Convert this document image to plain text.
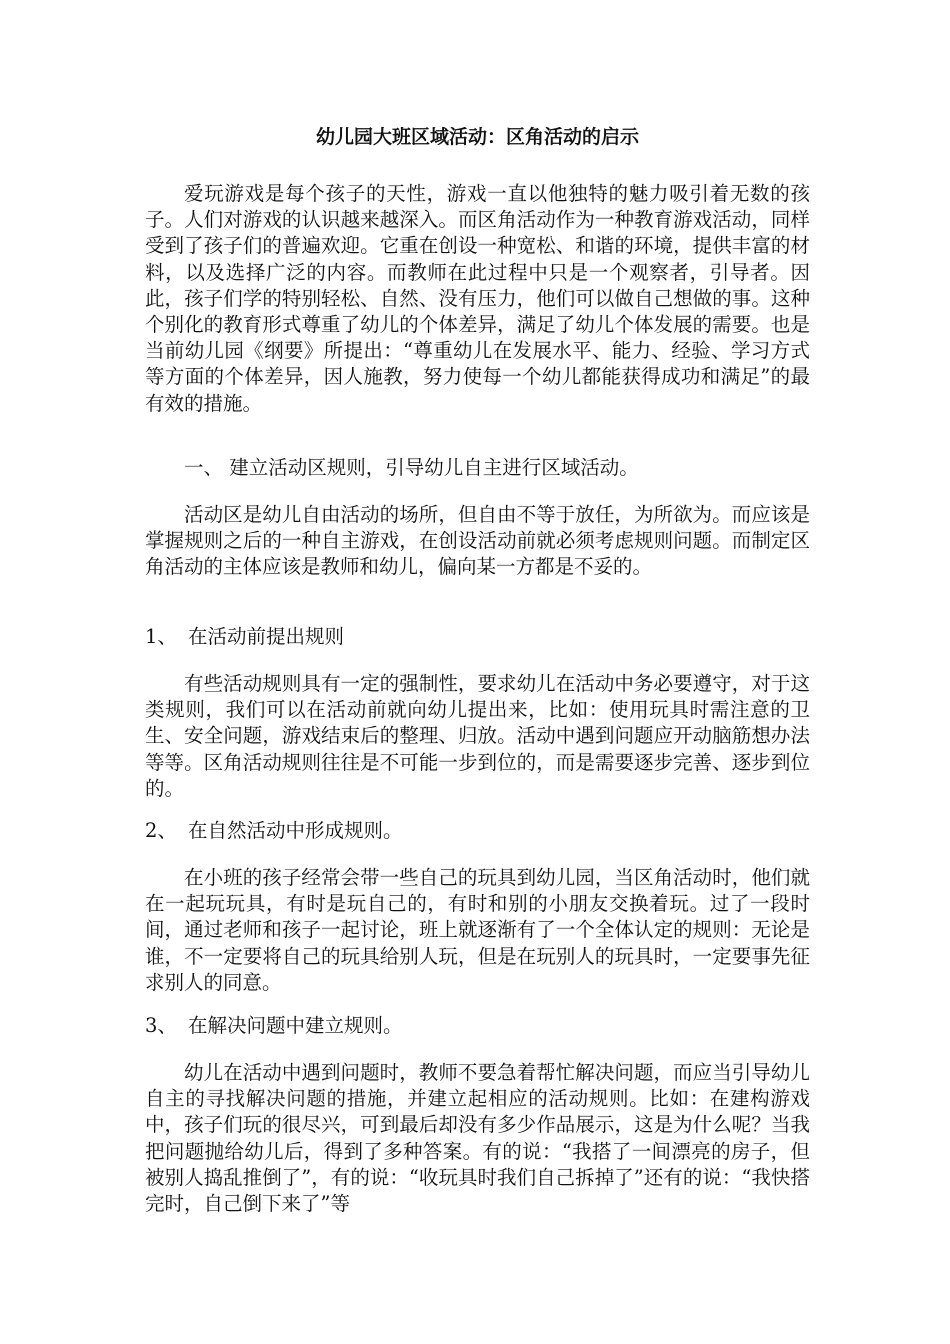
幼儿园大班区域活动：区角活动的启示

爱玩游戏是每个孩子的天性，游戏一直以他独特的魅力吸引着无数的孩子。人们对游戏的认识越来越深入。而区角活动作为一种教育游戏活动，同样受到了孩子们的普遍欢迎。它重在创设一种宽松、和谐的环境，提供丰富的材料，以及选择广泛的内容。而教师在此过程中只是一个观察者，引导者。因此，孩子们学的特别轻松、自然、没有压力，他们可以做自己想做的事。这种个别化的教育形式尊重了幼儿的个体差异，满足了幼儿个体发展的需要。也是当前幼儿园《纲要》所提出：“尊重幼儿在发展水平、能力、经验、学习方式等方面的个体差异，因人施教，努力使每一个幼儿都能获得成功和满足”的最有效的措施。

一、 建立活动区规则，引导幼儿自主进行区域活动。

活动区是幼儿自由活动的场所，但自由不等于放任，为所欲为。而应该是掌握规则之后的一种自主游戏，在创设活动前就必须考虑规则问题。而制定区角活动的主体应该是教师和幼儿，偏向某一方都是不妥的。

1、 在活动前提出规则

有些活动规则具有一定的强制性，要求幼儿在活动中务必要遵守，对于这类规则，我们可以在活动前就向幼儿提出来，比如：使用玩具时需注意的卫生、安全问题，游戏结束后的整理、归放。活动中遇到问题应开动脑筋想办法等等。区角活动规则往往是不可能一步到位的，而是需要逐步完善、逐步到位的。

2、 在自然活动中形成规则。

在小班的孩子经常会带一些自己的玩具到幼儿园，当区角活动时，他们就在一起玩玩具，有时是玩自己的，有时和别的小朋友交换着玩。过了一段时间，通过老师和孩子一起讨论，班上就逐渐有了一个全体认定的规则：无论是谁，不一定要将自己的玩具给别人玩，但是在玩别人的玩具时，一定要事先征求别人的同意。

3、 在解决问题中建立规则。

幼儿在活动中遇到问题时，教师不要急着帮忙解决问题，而应当引导幼儿自主的寻找解决问题的措施，并建立起相应的活动规则。比如：在建构游戏中，孩子们玩的很尽兴，可到最后却没有多少作品展示，这是为什么呢？当我把问题抛给幼儿后，得到了多种答案。有的说：“我搭了一间漂亮的房子，但被别人捣乱推倒了”，有的说：“收玩具时我们自己拆掉了”还有的说：“我快搭完时，自己倒下来了”等
